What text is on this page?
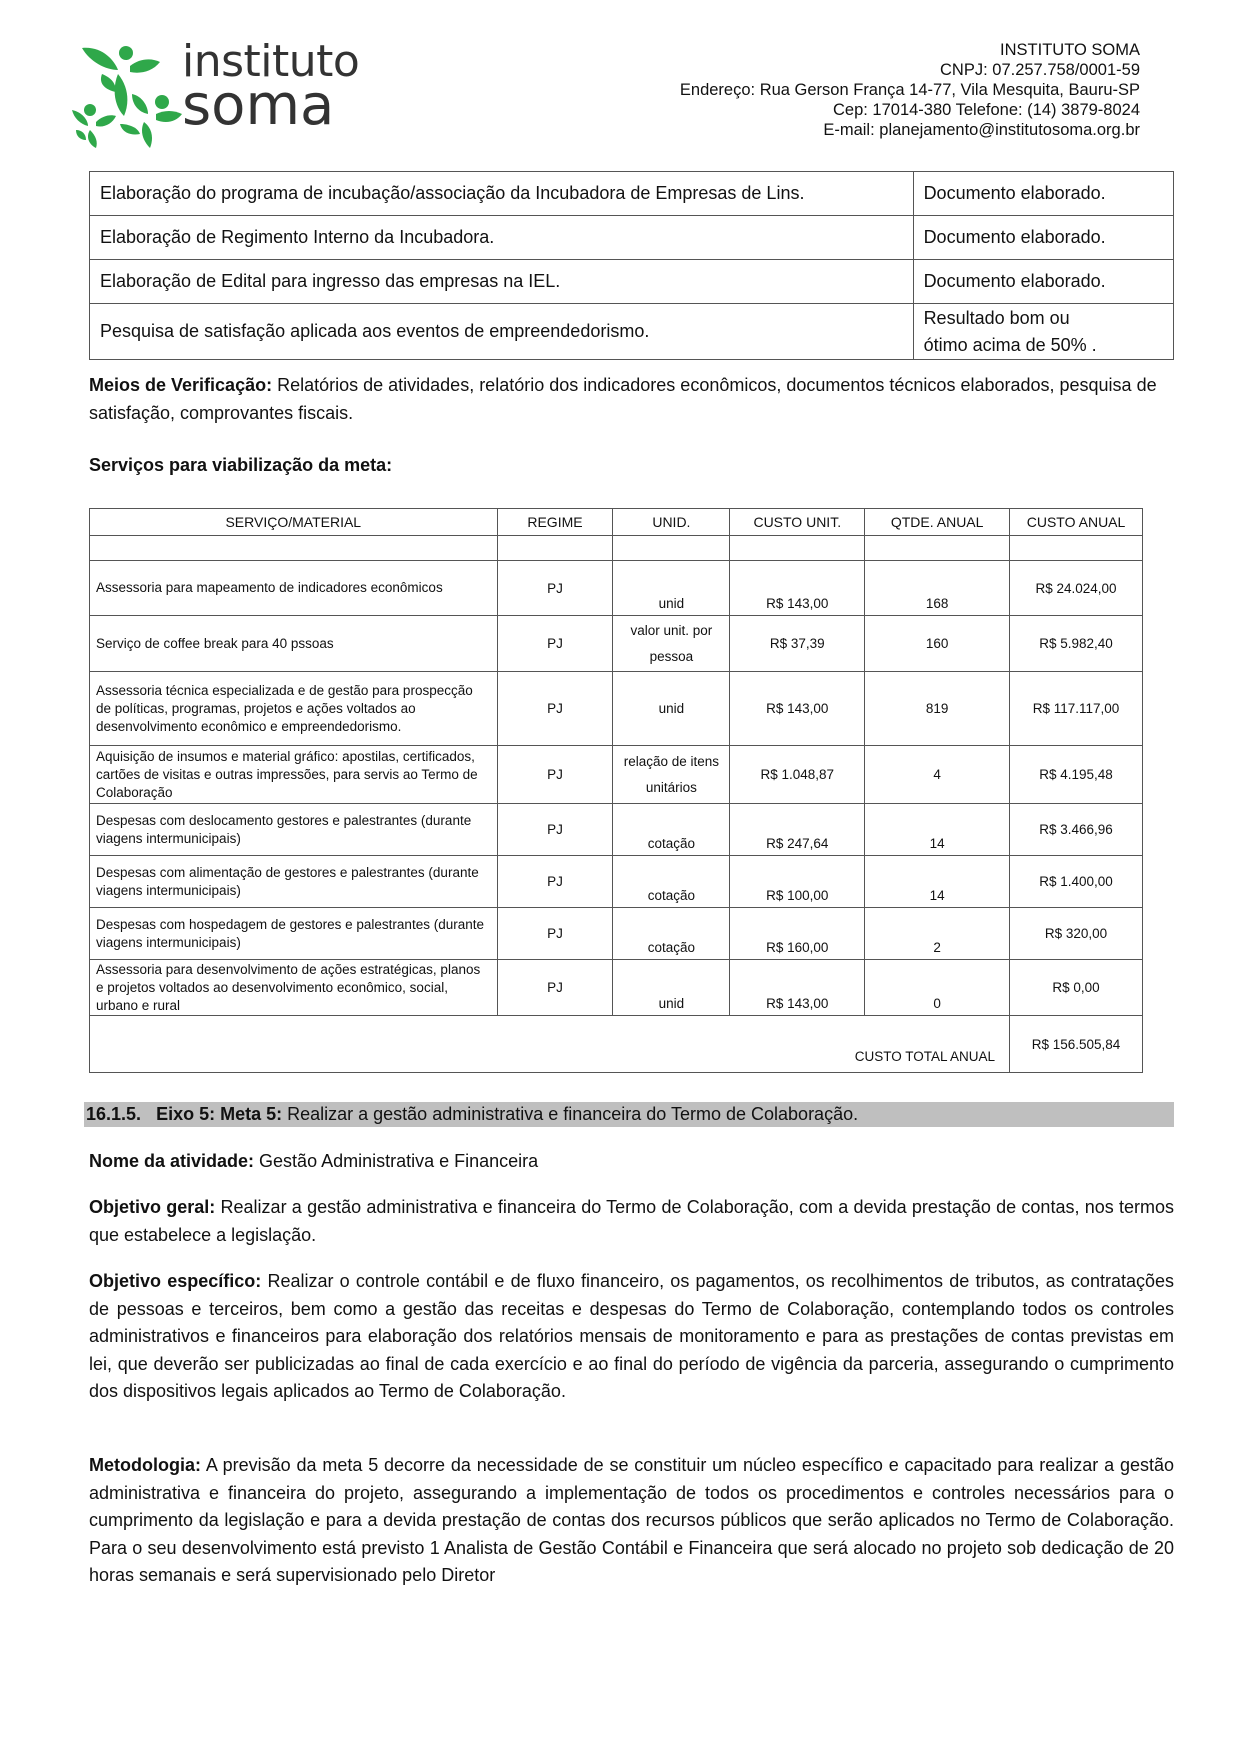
instituto
soma
INSTITUTO SOMA
CNPJ: 07.257.758/0001-59
Endereço: Rua Gerson França 14-77, Vila Mesquita, Bauru-SP
Cep: 17014-380 Telefone: (14) 3879-8024
E-mail: planejamento@institutosoma.org.br
Elaboração do programa de incubação/associação da Incubadora de Empresas de Lins.	Documento elaborado.
Elaboração de Regimento Interno da Incubadora.	Documento elaborado.
Elaboração de Edital para ingresso das empresas na IEL.	Documento elaborado.
Pesquisa de satisfação aplicada aos eventos de empreendedorismo.	Resultado bom ou
ótimo acima de 50% .
Meios de Verificação: Relatórios de atividades, relatório dos indicadores econômicos, documentos técnicos elaborados, pesquisa de satisfação, comprovantes fiscais.
Serviços para viabilização da meta:
SERVIÇO/MATERIAL	REGIME	UNID.	CUSTO UNIT.	QTDE. ANUAL	CUSTO ANUAL

Assessoria para mapeamento de indicadores econômicos	PJ	unid	R$ 143,00	168	R$ 24.024,00
Serviço de coffee break para 40 pssoas	PJ	valor unit. por pessoa	R$ 37,39	160	R$ 5.982,40
Assessoria técnica especializada e de gestão para prospecção de políticas, programas, projetos e ações voltados ao desenvolvimento econômico e empreendedorismo.	PJ	unid	R$ 143,00	819	R$ 117.117,00
Aquisição de insumos e material gráfico: apostilas, certificados, cartões de visitas e outras impressões, para servis ao Termo de Colaboração	PJ	relação de itens unitários	R$ 1.048,87	4	R$ 4.195,48
Despesas com deslocamento gestores e palestrantes (durante viagens intermunicipais)	PJ	cotação	R$ 247,64	14	R$ 3.466,96
Despesas com alimentação de gestores e palestrantes (durante viagens intermunicipais)	PJ	cotação	R$ 100,00	14	R$ 1.400,00
Despesas com hospedagem de gestores e palestrantes (durante viagens intermunicipais)	PJ	cotação	R$ 160,00	2	R$ 320,00
Assessoria para desenvolvimento de ações estratégicas, planos e projetos voltados ao desenvolvimento econômico, social, urbano e rural	PJ	unid	R$ 143,00	0	R$ 0,00
CUSTO TOTAL ANUAL					R$ 156.505,84
16.1.5. Eixo 5: Meta 5: Realizar a gestão administrativa e financeira do Termo de Colaboração.
Nome da atividade: Gestão Administrativa e Financeira
Objetivo geral: Realizar a gestão administrativa e financeira do Termo de Colaboração, com a devida prestação de contas, nos termos que estabelece a legislação.
Objetivo específico: Realizar o controle contábil e de fluxo financeiro, os pagamentos, os recolhimentos de tributos, as contratações de pessoas e terceiros, bem como a gestão das receitas e despesas do Termo de Colaboração, contemplando todos os controles administrativos e financeiros para elaboração dos relatórios mensais de monitoramento e para as prestações de contas previstas em lei, que deverão ser publicizadas ao final de cada exercício e ao final do período de vigência da parceria, assegurando o cumprimento dos dispositivos legais aplicados ao Termo de Colaboração.
Metodologia: A previsão da meta 5 decorre da necessidade de se constituir um núcleo específico e capacitado para realizar a gestão administrativa e financeira do projeto, assegurando a implementação de todos os procedimentos e controles necessários para o cumprimento da legislação e para a devida prestação de contas dos recursos públicos que serão aplicados no Termo de Colaboração. Para o seu desenvolvimento está previsto 1 Analista de Gestão Contábil e Financeira que será alocado no projeto sob dedicação de 20 horas semanais e será supervisionado pelo Diretor
